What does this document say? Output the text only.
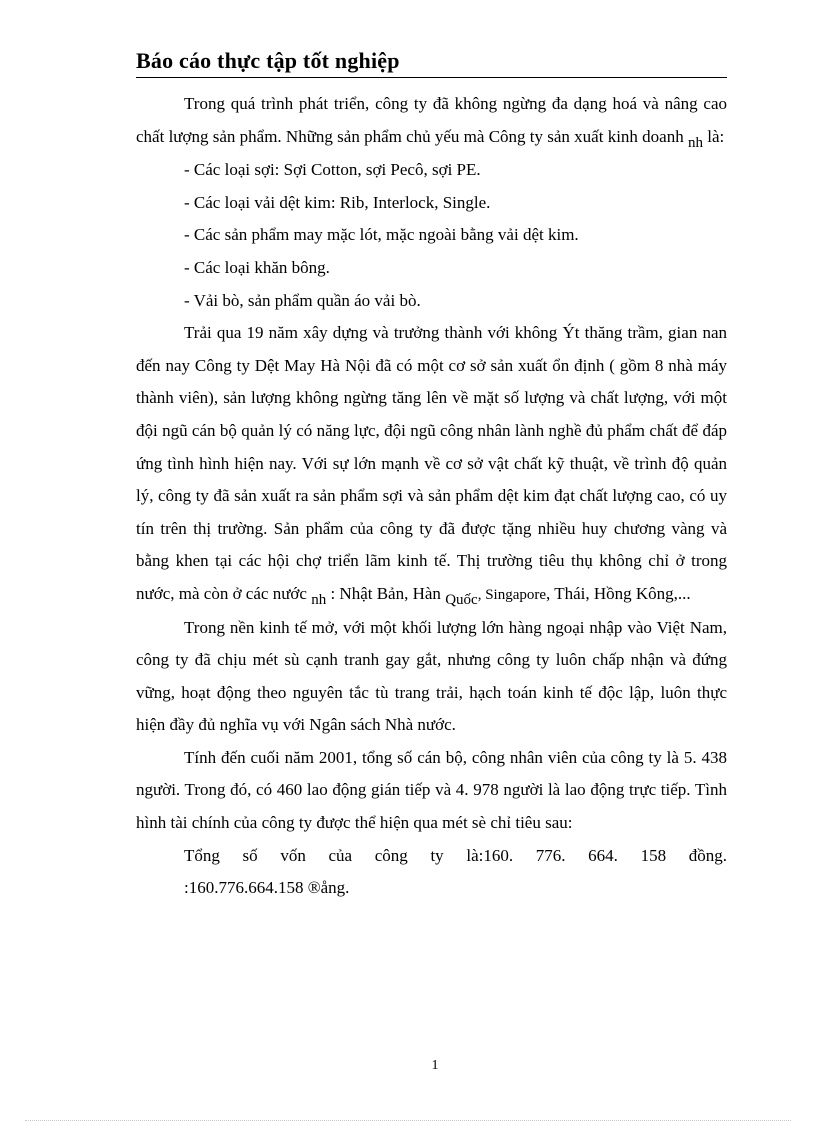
Báo cáo thực tập tốt nghiệp

Trong quá trình phát triển, công ty đã không ngừng đa dạng hoá và nâng cao chất lượng sản phẩm. Những sản phẩm chủ yếu mà Công ty sản xuất kinh doanh nh là:

- Các loại sợi: Sợi Cotton, sợi Pecô, sợi PE.

- Các loại vải dệt kim: Rib, Interlock, Single.

- Các sản phẩm may mặc lót, mặc ngoài bằng vải dệt kim.

- Các loại khăn bông.

- Vải bò, sản phẩm quần áo vải bò.

Trải qua 19 năm xây dựng và trưởng thành với không Ýt thăng trầm, gian nan đến nay Công ty Dệt May Hà Nội đã có một cơ sở sản xuất ổn định ( gồm 8 nhà máy thành viên), sản lượng không ngừng tăng lên về mặt số lượng và chất lượng, với một đội ngũ cán bộ quản lý có năng lực, đội ngũ công nhân lành nghề đủ phẩm chất để đáp ứng tình hình hiện nay. Với sự lớn mạnh về cơ sở vật chất kỹ thuật, về trình độ quản lý, công ty đã sản xuất ra sản phẩm sợi và sản phẩm dệt kim đạt chất lượng cao, có uy tín trên thị trường. Sản phẩm của công ty đã được tặng nhiều huy chương vàng và bằng khen tại các hội chợ triển lãm kinh tế. Thị trường tiêu thụ không chỉ ở trong nước, mà còn ở các nước nh : Nhật Bản, Hàn Quốc, Singapore, Thái, Hồng Kông,...

Trong nền kinh tế mở, với một khối lượng lớn hàng ngoại nhập vào Việt Nam, công ty đã chịu mét sù cạnh tranh gay gắt, nhưng công ty luôn chấp nhận và đứng vững, hoạt động theo nguyên tắc tù trang trải, hạch toán kinh tế độc lập, luôn thực hiện đầy đủ nghĩa vụ với Ngân sách Nhà nước.

Tính đến cuối năm 2001, tổng số cán bộ, công nhân viên của công ty là 5. 438 người. Trong đó, có 460 lao động gián tiếp và 4. 978 người là lao động trực tiếp. Tình hình tài chính của công ty được thể hiện qua mét sè chỉ tiêu sau:

Tổng số vốn của công ty là:160. 776. 664. 158 đồng.

:160.776.664.158 ®ång.

1
